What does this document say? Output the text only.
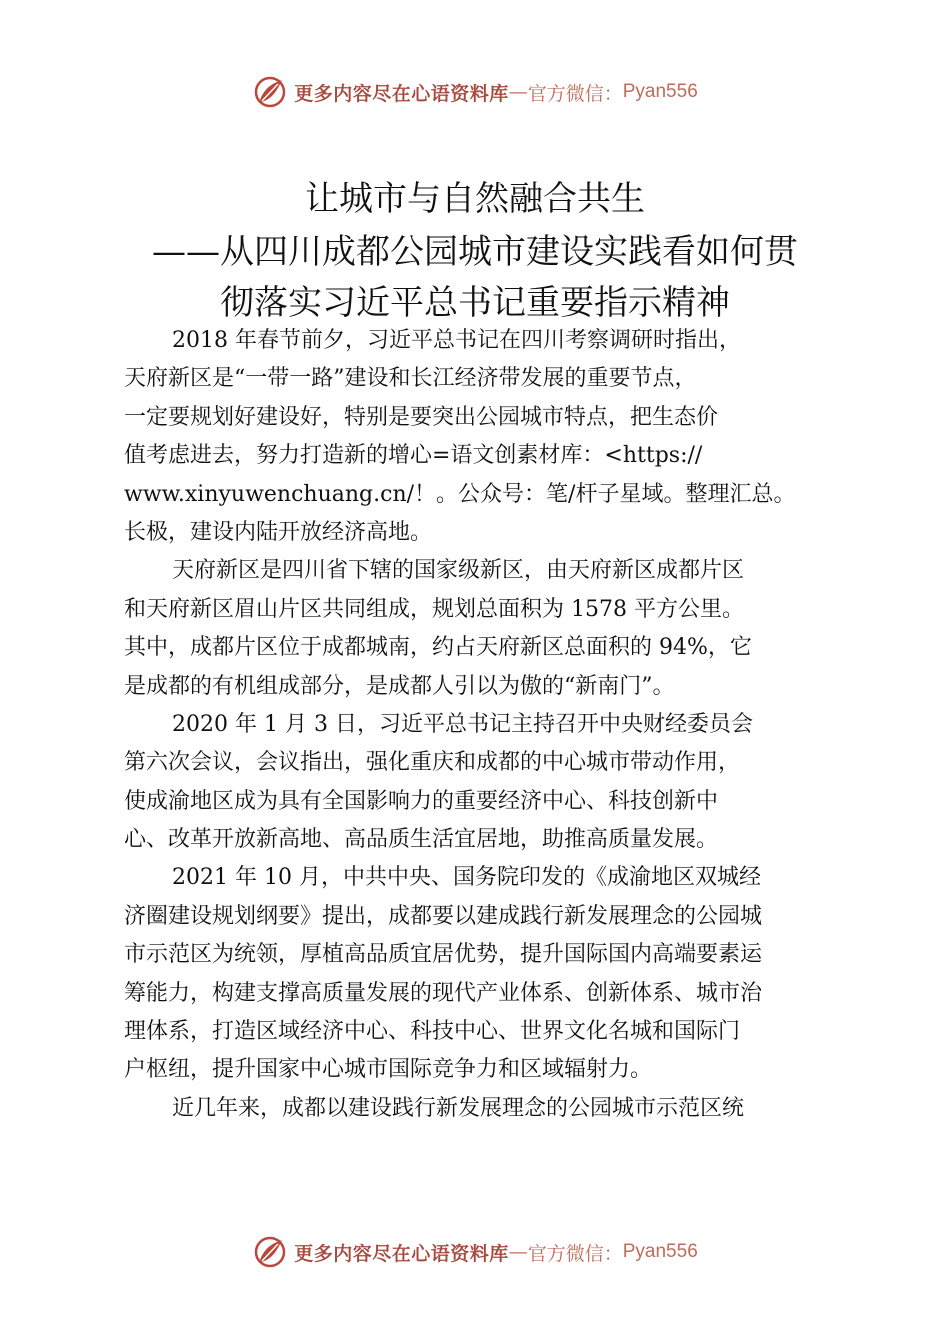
更多内容尽在心语资料库 — 官方微信： Pyan556
让城市与自然融合共生
——从四川成都公园城市建设实践看如何贯
彻落实习近平总书记重要指示精神
2018 年春节前夕，习近平总书记在四川考察调研时指出，
天府新区是“一带一路”建设和长江经济带发展的重要节点，
一定要规划好建设好，特别是要突出公园城市特点，把生态价
值考虑进去，努力打造新的增心=语文创素材库：<https://
www.xinyuwenchuang.cn/！。公众号：笔/杆子星域。整理汇总。
长极，建设内陆开放经济高地。
天府新区是四川省下辖的国家级新区，由天府新区成都片区
和天府新区眉山片区共同组成，规划总面积为 1578 平方公里。
其中，成都片区位于成都城南，约占天府新区总面积的 94%，它
是成都的有机组成部分，是成都人引以为傲的“新南门”。
2020 年 1 月 3 日，习近平总书记主持召开中央财经委员会
第六次会议，会议指出，强化重庆和成都的中心城市带动作用，
使成渝地区成为具有全国影响力的重要经济中心、科技创新中
心、改革开放新高地、高品质生活宜居地，助推高质量发展。
2021 年 10 月，中共中央、国务院印发的《成渝地区双城经
济圈建设规划纲要》提出，成都要以建成践行新发展理念的公园城
市示范区为统领，厚植高品质宜居优势，提升国际国内高端要素运
筹能力，构建支撑高质量发展的现代产业体系、创新体系、城市治
理体系，打造区域经济中心、科技中心、世界文化名城和国际门
户枢纽，提升国家中心城市国际竞争力和区域辐射力。
近几年来，成都以建设践行新发展理念的公园城市示范区统
更多内容尽在心语资料库 — 官方微信： Pyan556
